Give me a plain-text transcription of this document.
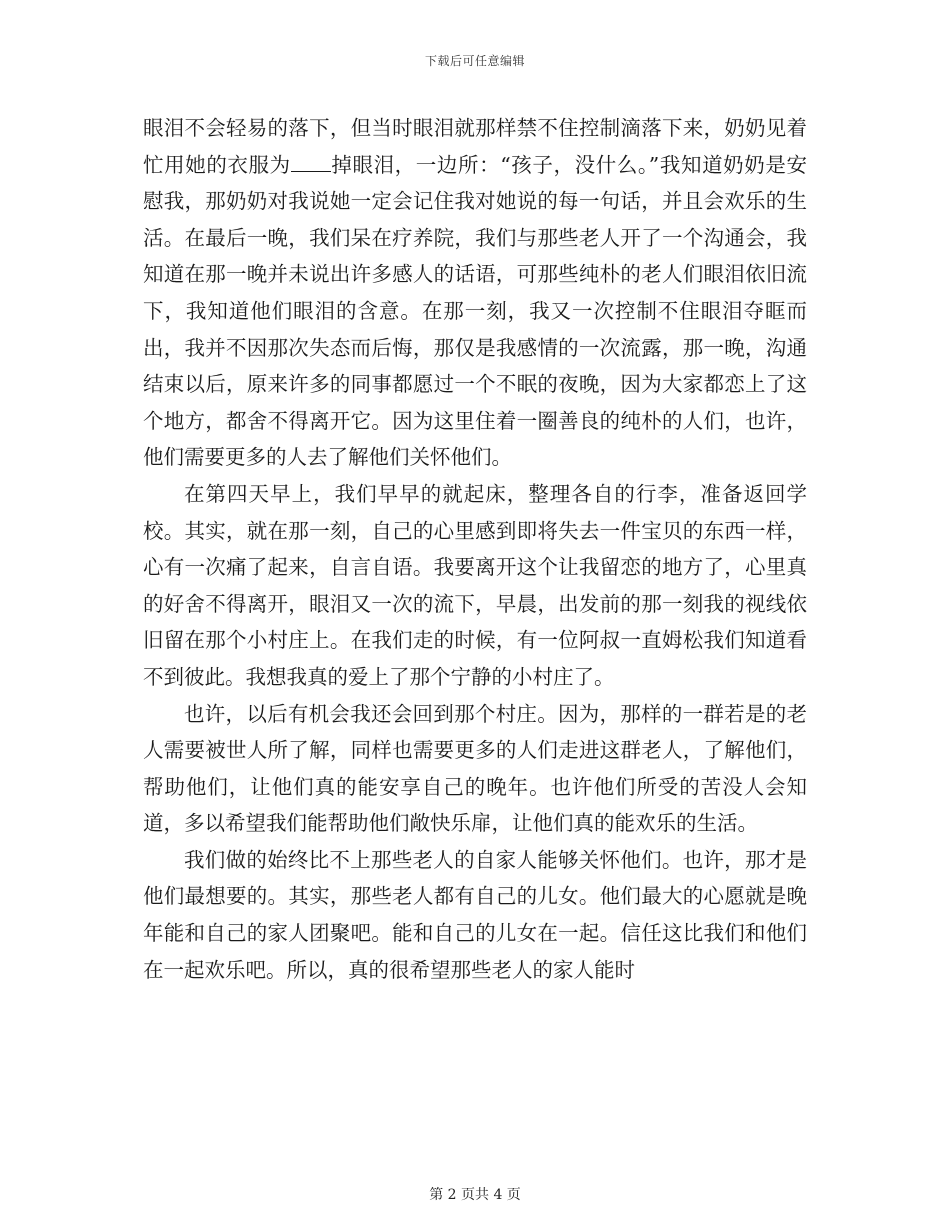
下载后可任意编辑

眼泪不会轻易的落下，但当时眼泪就那样禁不住控制滴落下来，奶奶见着忙用她的衣服为 掉眼泪，一边所：“孩子，没什么。”我知道奶奶是安慰我，那奶奶对我说她一定会记住我对她说的每一句话，并且会欢乐的生活。在最后一晚，我们呆在疗养院，我们与那些老人开了一个沟通会，我知道在那一晚并未说出许多感人的话语，可那些纯朴的老人们眼泪依旧流下，我知道他们眼泪的含意。在那一刻，我又一次控制不住眼泪夺眶而出，我并不因那次失态而后悔，那仅是我感情的一次流露，那一晚，沟通结束以后，原来许多的同事都愿过一个不眠的夜晚，因为大家都恋上了这个地方，都舍不得离开它。因为这里住着一圈善良的纯朴的人们，也许，他们需要更多的人去了解他们关怀他们。

在第四天早上，我们早早的就起床，整理各自的行李，准备返回学校。其实，就在那一刻，自己的心里感到即将失去一件宝贝的东西一样，心有一次痛了起来，自言自语。我要离开这个让我留恋的地方了，心里真的好舍不得离开，眼泪又一次的流下，早晨，出发前的那一刻我的视线依旧留在那个小村庄上。在我们走的时候，有一位阿叔一直姆松我们知道看不到彼此。我想我真的爱上了那个宁静的小村庄了。

也许，以后有机会我还会回到那个村庄。因为，那样的一群若是的老人需要被世人所了解，同样也需要更多的人们走进这群老人，了解他们，帮助他们，让他们真的能安享自己的晚年。也许他们所受的苦没人会知道，多以希望我们能帮助他们敞快乐扉，让他们真的能欢乐的生活。

我们做的始终比不上那些老人的自家人能够关怀他们。也许，那才是他们最想要的。其实，那些老人都有自己的儿女。他们最大的心愿就是晚年能和自己的家人团聚吧。能和自己的儿女在一起。信任这比我们和他们在一起欢乐吧。所以，真的很希望那些老人的家人能时

第 2 页共 4 页
